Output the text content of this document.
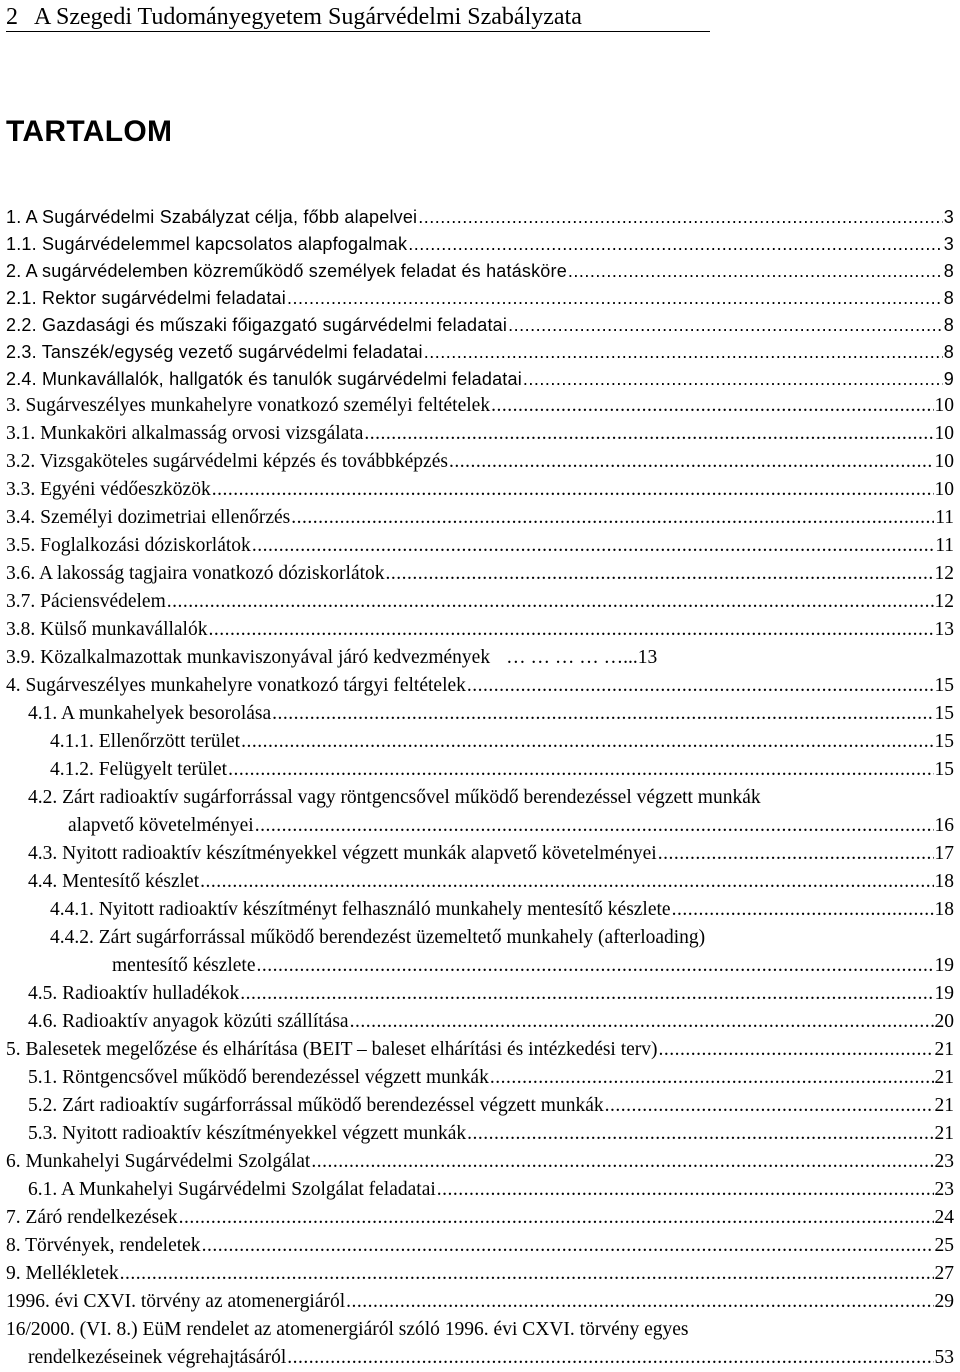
2 A Szegedi Tudományegyetem Sugárvédelmi Szabályzata
TARTALOM
1. A Sugárvédelmi Szabályzat célja, főbb alapelvei .....	3
1.1. Sugárvédelemmel kapcsolatos alapfogalmak .....	3
2. A sugárvédelemben közreműködő személyek feladat és hatásköre .....	8
2.1. Rektor sugárvédelmi feladatai .....	8
2.2. Gazdasági és műszaki főigazgató sugárvédelmi feladatai .....	8
2.3. Tanszék/egység vezető sugárvédelmi feladatai .....	8
2.4. Munkavállalók, hallgatók és tanulók sugárvédelmi feladatai .....	9
3. Sugárveszélyes munkahelyre vonatkozó személyi feltételek .....	10
3.1. Munkaköri alkalmasság orvosi vizsgálata .....	10
3.2. Vizsgaköteles sugárvédelmi képzés és továbbképzés .....	10
3.3. Egyéni védőeszközök .....	10
3.4. Személyi dozimetriai ellenőrzés .....	11
3.5. Foglalkozási dóziskorlátok .....	11
3.6. A lakosság tagjaira vonatkozó dóziskorlátok .....	12
3.7. Páciensvédelem .....	12
3.8. Külső munkavállalók .....	13
3.9. Közalkalmazottak munkaviszonyával járó kedvezmények … … … … …...13
4. Sugárveszélyes munkahelyre vonatkozó tárgyi feltételek .....	15
4.1. A munkahelyek besorolása .....	15
4.1.1. Ellenőrzött terület .....	15
4.1.2. Felügyelt terület .....	15
4.2. Zárt radioaktív sugárforrással vagy röntgencsővel működő berendezéssel végzett munkák
alapvető követelményei .....	16
4.3. Nyitott radioaktív készítményekkel végzett munkák alapvető követelményei .....	17
4.4. Mentesítő készlet .....	18
4.4.1. Nyitott radioaktív készítményt felhasználó munkahely mentesítő készlete .....	18
4.4.2. Zárt sugárforrással működő berendezést üzemeltető munkahely (afterloading)
mentesítő készlete .....	19
4.5. Radioaktív hulladékok .....	19
4.6. Radioaktív anyagok közúti szállítása .....	20
5. Balesetek megelőzése és elhárítása (BEIT – baleset elhárítási és intézkedési terv) .....	21
5.1. Röntgencsővel működő berendezéssel végzett munkák .....	21
5.2. Zárt radioaktív sugárforrással működő berendezéssel végzett munkák .....	21
5.3. Nyitott radioaktív készítményekkel végzett munkák .....	21
6. Munkahelyi Sugárvédelmi Szolgálat .....	23
6.1. A Munkahelyi Sugárvédelmi Szolgálat feladatai .....	23
7. Záró rendelkezések .....	24
8. Törvények, rendeletek .....	25
9. Mellékletek .....	27
1996. évi CXVI. törvény az atomenergiáról .....	29
16/2000. (VI. 8.) EüM rendelet az atomenergiáról szóló 1996. évi CXVI. törvény egyes
rendelkezéseinek végrehajtásáról .....	53
